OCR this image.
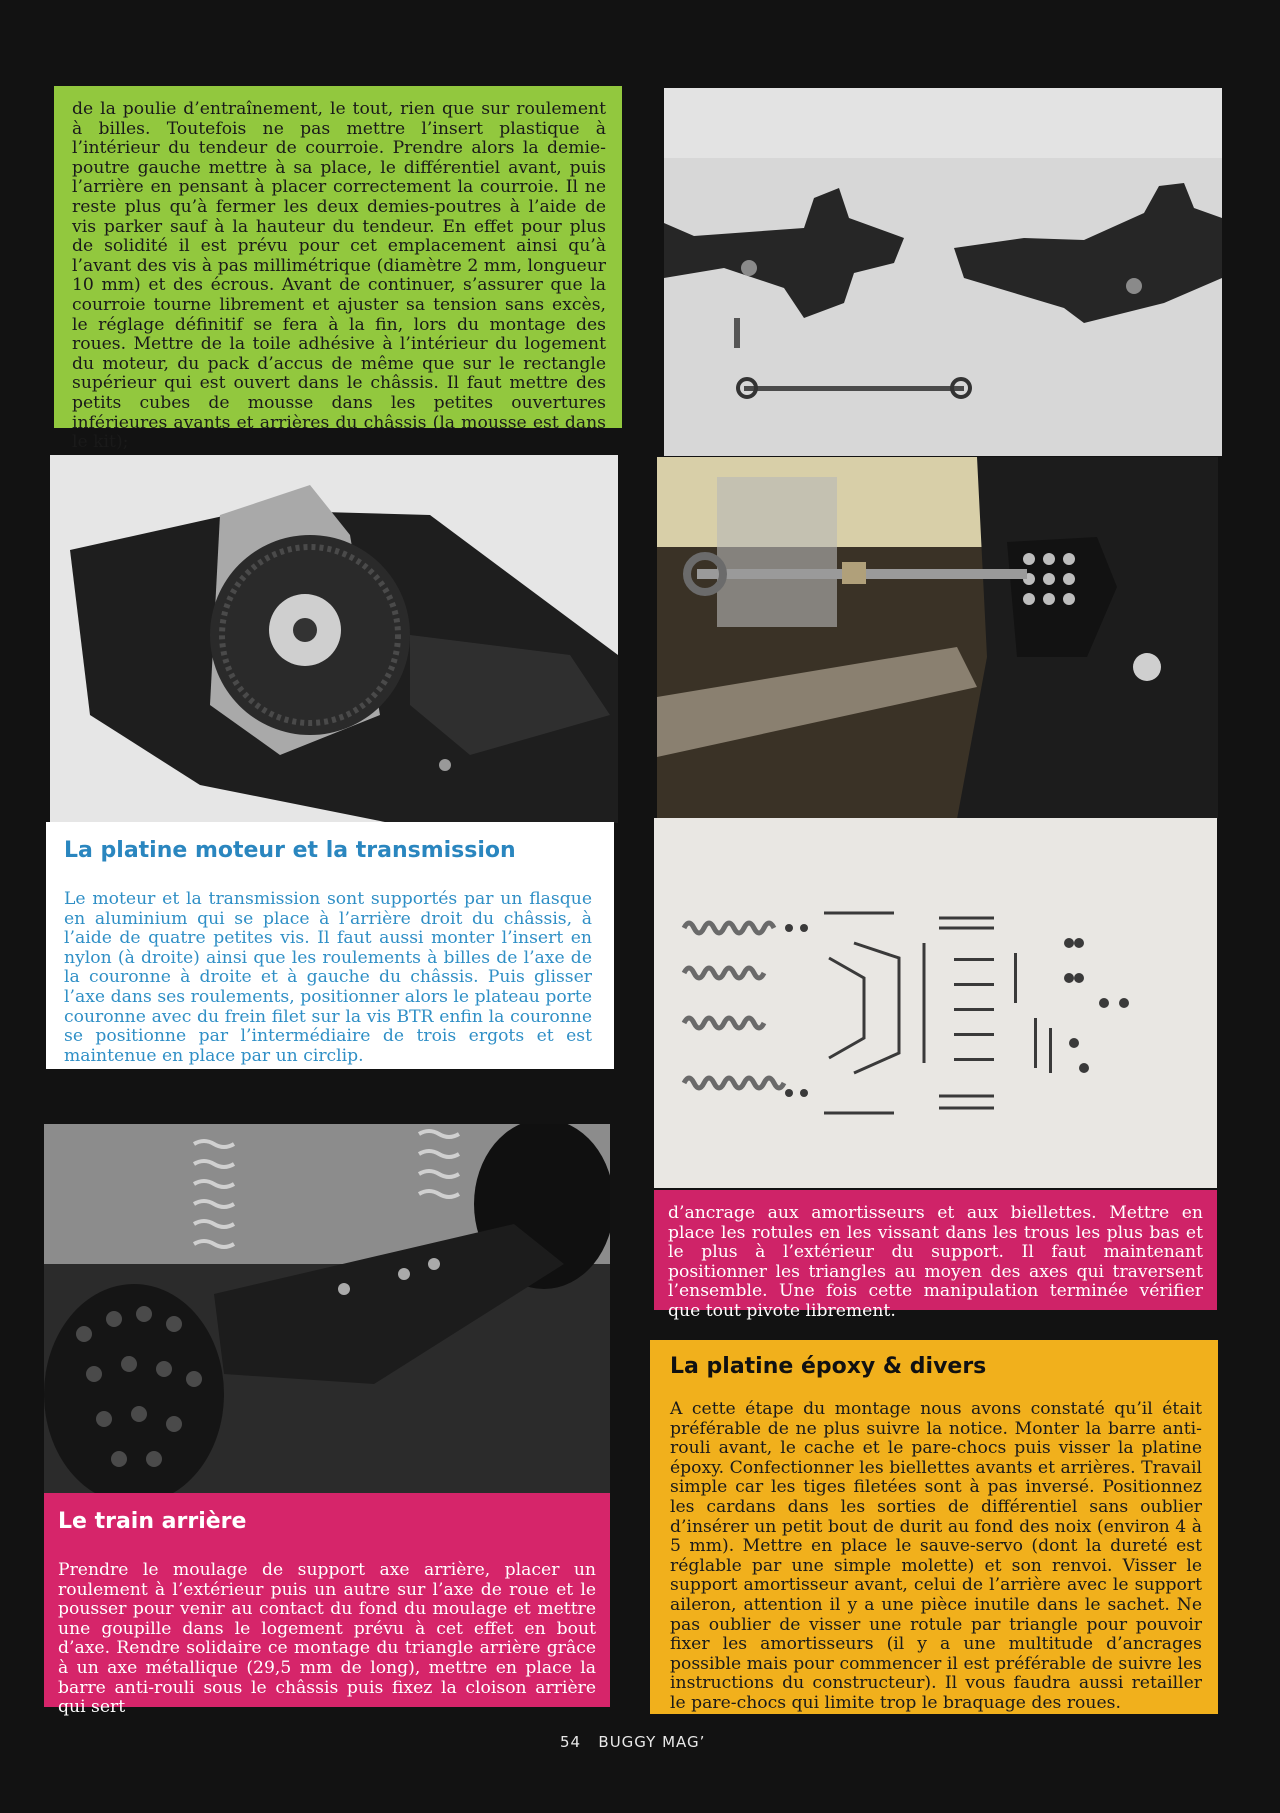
de la poulie d’entraînement, le tout, rien que sur roulement à billes. Toutefois ne pas mettre l’insert plastique à l’intérieur du tendeur de courroie. Prendre alors la demie-poutre gauche mettre à sa place, le différentiel avant, puis l’arrière en pensant à placer correctement la courroie. Il ne reste plus qu’à fermer les deux demies-poutres à l’aide de vis parker sauf à la hauteur du tendeur. En effet pour plus de solidité il est prévu pour cet emplacement ainsi qu’à l’avant des vis à pas millimétrique (diamètre 2 mm, longueur 10 mm) et des écrous. Avant de continuer, s’assurer que la courroie tourne librement et ajuster sa tension sans excès, le réglage définitif se fera à la fin, lors du montage des roues. Mettre de la toile adhésive à l’intérieur du logement du moteur, du pack d’accus de même que sur le rectangle supérieur qui est ouvert dans le châssis. Il faut mettre des petits cubes de mousse dans les petites ouvertures inférieures avants et arrières du châssis (la mousse est dans le kit);
La platine moteur et la transmission
Le moteur et la transmission sont supportés par un flasque en aluminium qui se place à l’arrière droit du châssis, à l’aide de quatre petites vis. Il faut aussi monter l’insert en nylon (à droite) ainsi que les roulements à billes de l’axe de la couronne à droite et à gauche du châssis. Puis glisser l’axe dans ses roulements, positionner alors le plateau porte couronne avec du frein filet sur la vis BTR enfin la couronne se positionne par l’intermédiaire de trois ergots et est maintenue en place par un circlip.
d’ancrage aux amortisseurs et aux biellettes. Mettre en place les rotules en les vissant dans les trous les plus bas et le plus à l’extérieur du support. Il faut maintenant positionner les triangles au moyen des axes qui traversent l’ensemble. Une fois cette manipulation terminée vérifier que tout pivote librement.
Le train arrière
Prendre le moulage de support axe arrière, placer un roulement à l’extérieur puis un autre sur l’axe de roue et le pousser pour venir au contact du fond du moulage et mettre une goupille dans le logement prévu à cet effet en bout d’axe. Rendre solidaire ce montage du triangle arrière grâce à un axe métallique (29,5 mm de long), mettre en place la barre anti-rouli sous le châssis puis fixez la cloison arrière qui sert
La platine époxy & divers
A cette étape du montage nous avons constaté qu’il était préférable de ne plus suivre la notice. Monter la barre anti-rouli avant, le cache et le pare-chocs puis visser la platine époxy. Confectionner les biellettes avants et arrières. Travail simple car les tiges filetées sont à pas inversé. Positionnez les cardans dans les sorties de différentiel sans oublier d’insérer un petit bout de durit au fond des noix (environ 4 à 5 mm). Mettre en place le sauve-servo (dont la dureté est réglable par une simple molette) et son renvoi. Visser le support amortisseur avant, celui de l’arrière avec le support aileron, attention il y a une pièce inutile dans le sachet. Ne pas oublier de visser une rotule par triangle pour pouvoir fixer les amortisseurs (il y a une multitude d’ancrages possible mais pour commencer il est préférable de suivre les instructions du constructeur). Il vous faudra aussi retailler le pare-chocs qui limite trop le braquage des roues.
54 BUGGY MAG’
